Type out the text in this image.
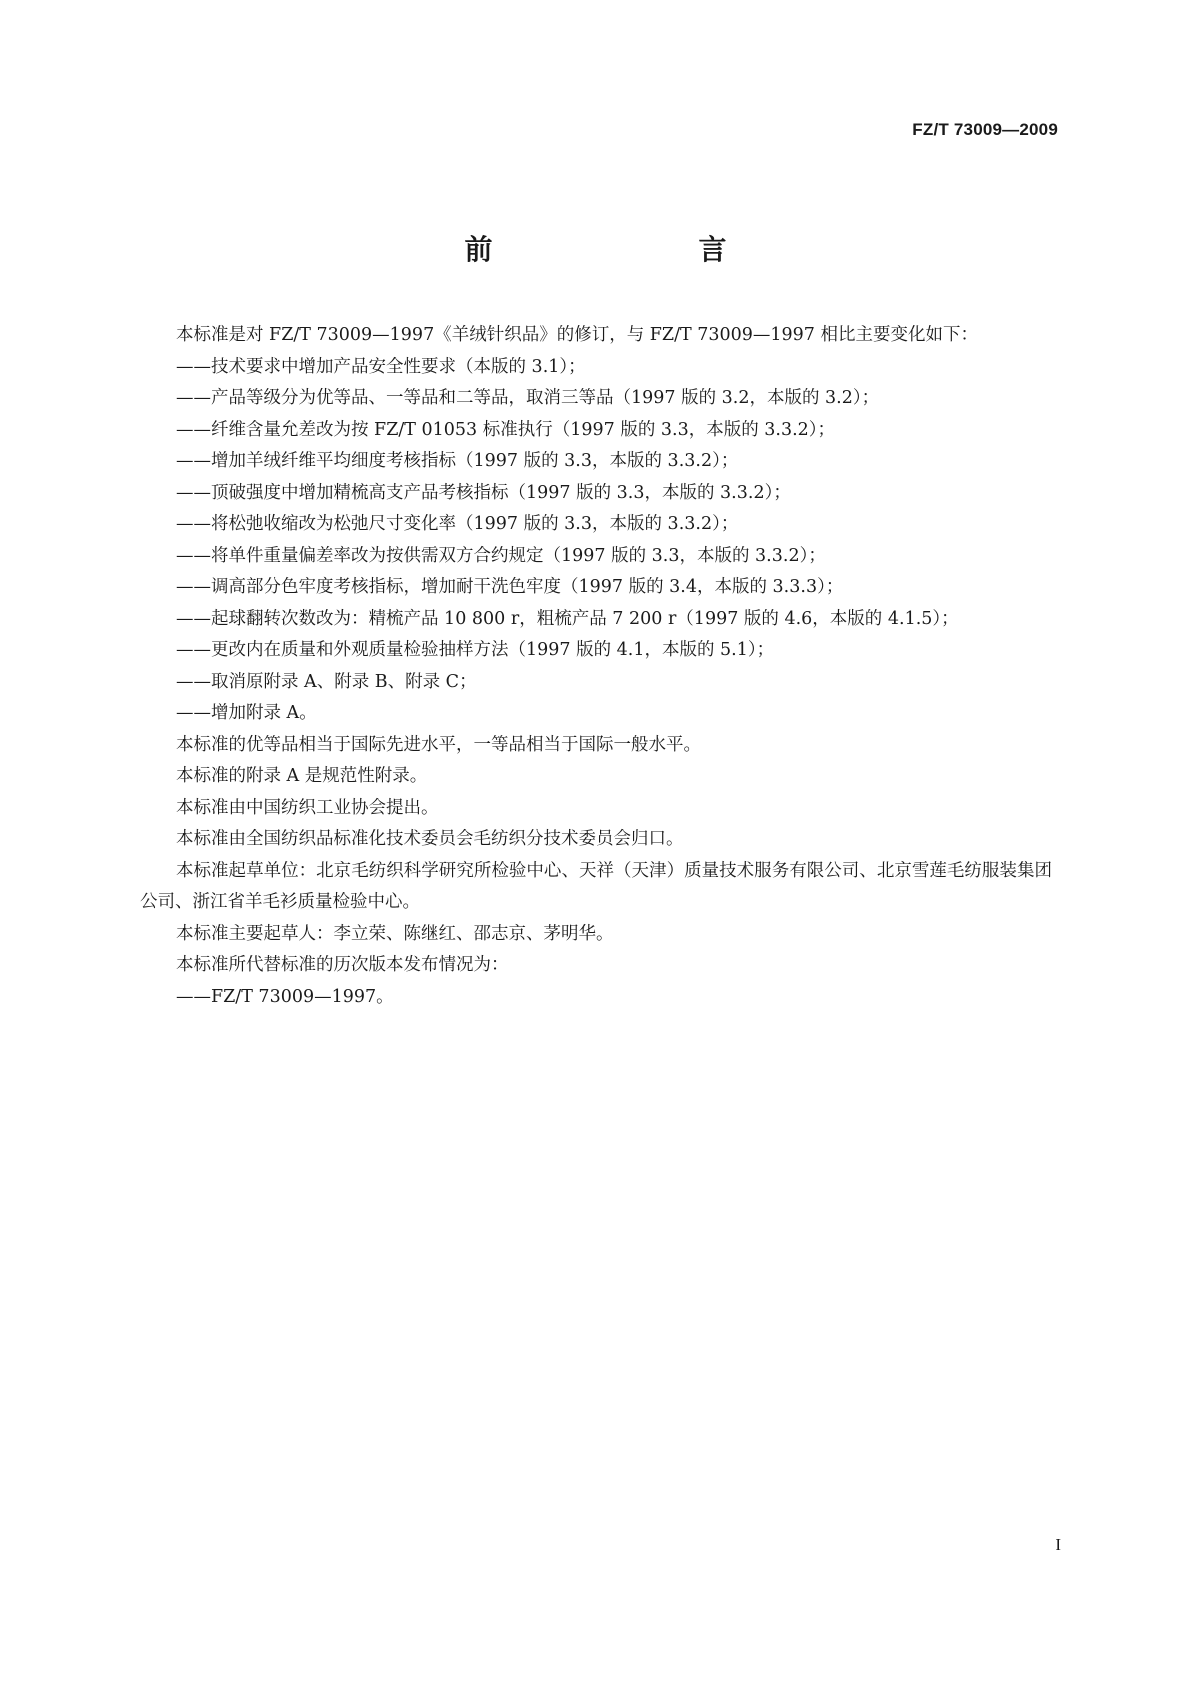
FZ/T 73009—2009
前　　言

本标准是对 FZ/T 73009—1997《羊绒针织品》的修订，与 FZ/T 73009—1997 相比主要变化如下：

——技术要求中增加产品安全性要求（本版的 3.1）；
——产品等级分为优等品、一等品和二等品，取消三等品（1997 版的 3.2，本版的 3.2）；
——纤维含量允差改为按 FZ/T 01053 标准执行（1997 版的 3.3，本版的 3.3.2）；
——增加羊绒纤维平均细度考核指标（1997 版的 3.3，本版的 3.3.2）；
——顶破强度中增加精梳高支产品考核指标（1997 版的 3.3，本版的 3.3.2）；
——将松弛收缩改为松弛尺寸变化率（1997 版的 3.3，本版的 3.3.2）；
——将单件重量偏差率改为按供需双方合约规定（1997 版的 3.3，本版的 3.3.2）；
——调高部分色牢度考核指标，增加耐干洗色牢度（1997 版的 3.4，本版的 3.3.3）；
——起球翻转次数改为：精梳产品 10 800 r，粗梳产品 7 200 r（1997 版的 4.6，本版的 4.1.5）；
——更改内在质量和外观质量检验抽样方法（1997 版的 4.1，本版的 5.1）；
——取消原附录 A、附录 B、附录 C；
——增加附录 A。

本标准的优等品相当于国际先进水平，一等品相当于国际一般水平。

本标准的附录 A 是规范性附录。

本标准由中国纺织工业协会提出。

本标准由全国纺织品标准化技术委员会毛纺织分技术委员会归口。

本标准起草单位：北京毛纺织科学研究所检验中心、天祥（天津）质量技术服务有限公司、北京雪莲毛纺服装集团公司、浙江省羊毛衫质量检验中心。

本标准主要起草人：李立荣、陈继红、邵志京、茅明华。

本标准所代替标准的历次版本发布情况为：

——FZ/T 73009—1997。
I
